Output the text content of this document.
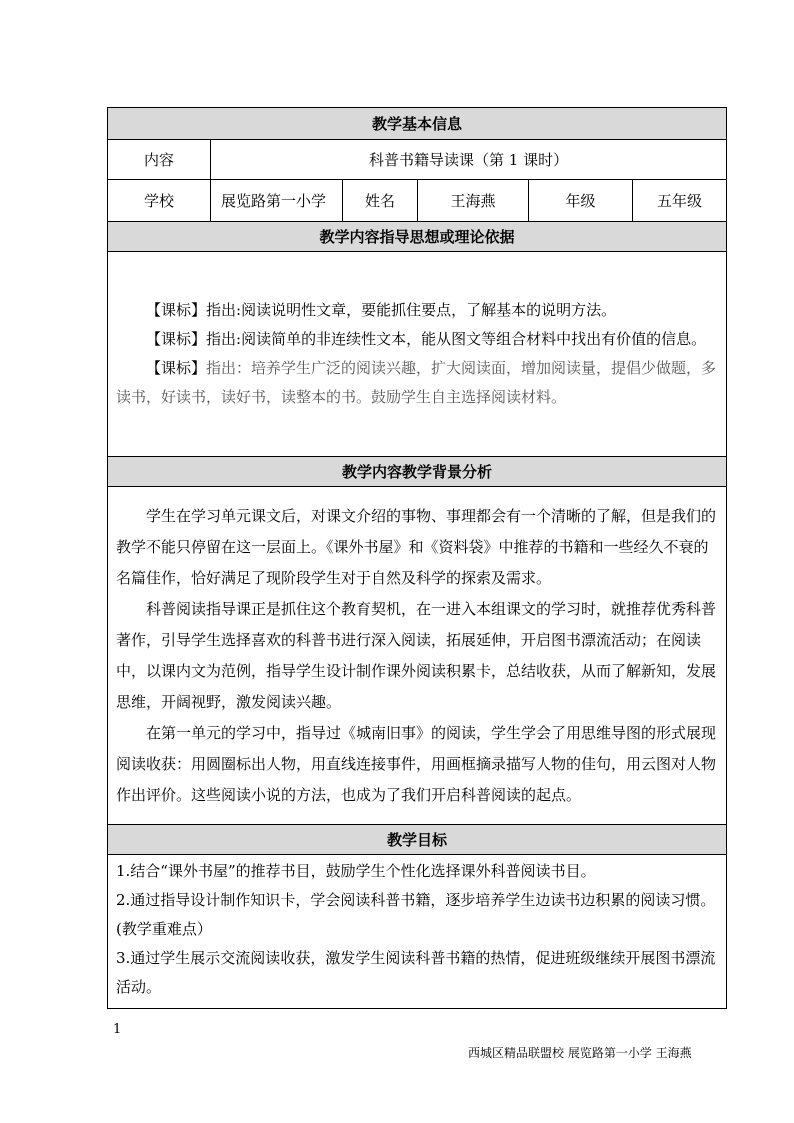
教学基本信息					
内容	科普书籍导读课（第 1 课时）				
学校	展览路第一小学	姓名	王海燕	年级	五年级
教学内容指导思想或理论依据					

【课标】指出:阅读说明性文章，要能抓住要点，了解基本的说明方法。

【课标】指出:阅读简单的非连续性文本，能从图文等组合材料中找出有价值的信息。

【课标】指出：培养学生广泛的阅读兴趣，扩大阅读面，增加阅读量，提倡少做题，多读书，好读书，读好书，读整本的书。鼓励学生自主选择阅读材料。					

教学内容教学背景分析					

学生在学习单元课文后，对课文介绍的事物、事理都会有一个清晰的了解，但是我们的教学不能只停留在这一层面上。《课外书屋》和《资料袋》中推荐的书籍和一些经久不衰的名篇佳作，恰好满足了现阶段学生对于自然及科学的探索及需求。

科普阅读指导课正是抓住这个教育契机，在一进入本组课文的学习时，就推荐优秀科普著作，引导学生选择喜欢的科普书进行深入阅读，拓展延伸，开启图书漂流活动；在阅读中，以课内文为范例，指导学生设计制作课外阅读积累卡，总结收获，从而了解新知，发展思维，开阔视野，激发阅读兴趣。

在第一单元的学习中，指导过《城南旧事》的阅读，学生学会了用思维导图的形式展现阅读收获：用圆圈标出人物，用直线连接事件，用画框摘录描写人物的佳句，用云图对人物作出评价。这些阅读小说的方法，也成为了我们开启科普阅读的起点。					

教学目标					

1.结合“课外书屋”的推荐书目，鼓励学生个性化选择课外科普阅读书目。

2.通过指导设计制作知识卡，学会阅读科普书籍，逐步培养学生边读书边积累的阅读习惯。(教学重难点）

3.通过学生展示交流阅读收获，激发学生阅读科普书籍的热情，促进班级继续开展图书漂流活动。					

1
西城区精品联盟校 展览路第一小学 王海燕
